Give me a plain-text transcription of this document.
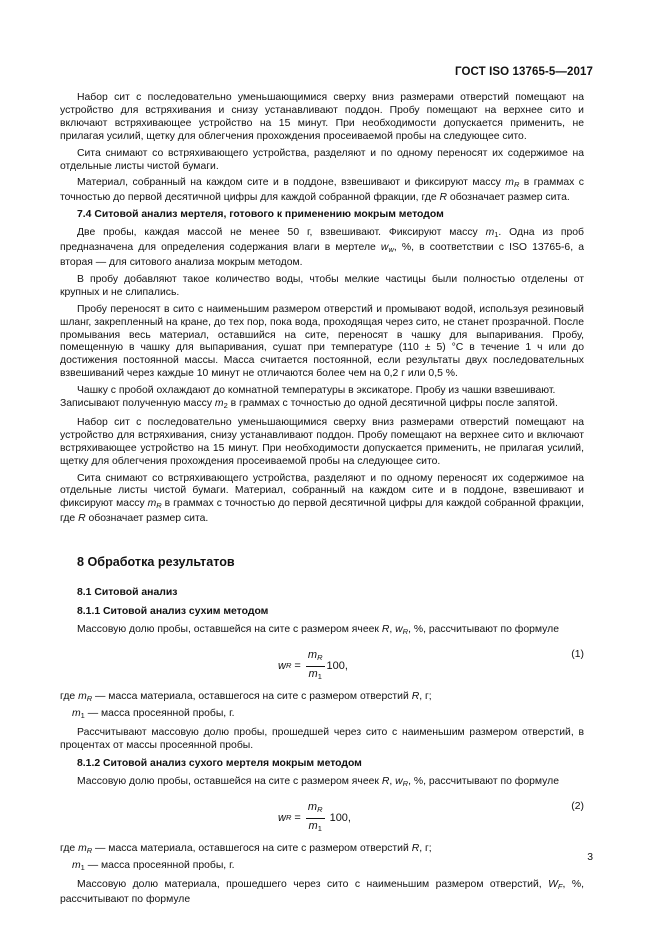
ГОСТ ISO 13765-5—2017

Набор сит с последовательно уменьшающимися сверху вниз размерами отверстий помещают на устройство для встряхивания и снизу устанавливают поддон. Пробу помещают на верхнее сито и включают встряхивающее устройство на 15 минут. При необходимости допускается применить, не прилагая усилий, щетку для облегчения прохождения просеиваемой пробы на следующее сито.

Сита снимают со встряхивающего устройства, разделяют и по одному переносят их содержимое на отдельные листы чистой бумаги.

Материал, собранный на каждом сите и в поддоне, взвешивают и фиксируют массу $m_R$ в граммах с точностью до первой десятичной цифры для каждой собранной фракции, где R обозначает размер сита.

7.4 Ситовой анализ мертеля, готового к применению мокрым методом

Две пробы, каждая массой не менее 50 г, взвешивают. Фиксируют массу $m_1$. Одна из проб предназначена для определения содержания влаги в мертеле $w_w$, %, в соответствии с ISO 13765-6, а вторая — для ситового анализа мокрым методом.

В пробу добавляют такое количество воды, чтобы мелкие частицы были полностью отделены от крупных и не слипались.

Пробу переносят в сито с наименьшим размером отверстий и промывают водой, используя резиновый шланг, закрепленный на кране, до тех пор, пока вода, проходящая через сито, не станет прозрачной. После промывания весь материал, оставшийся на сите, переносят в чашку для выпаривания. Пробу, помещенную в чашку для выпаривания, сушат при температуре (110 ± 5) °С в течение 1 ч или до достижения постоянной массы. Масса считается постоянной, если результаты двух последовательных взвешиваний через каждые 10 минут не отличаются более чем на 0,2 г или 0,5 %.

Чашку с пробой охлаждают до комнатной температуры в эксикаторе. Пробу из чашки взвешивают.

Записывают полученную массу $m_2$ в граммах с точностью до одной десятичной цифры после запятой.

Набор сит с последовательно уменьшающимися сверху вниз размерами отверстий помещают на устройство для встряхивания, снизу устанавливают поддон. Пробу помещают на верхнее сито и включают встряхивающее устройство на 15 минут. При необходимости допускается применить, не прилагая усилий, щетку для облегчения прохождения просеиваемой пробы на следующее сито.

Сита снимают со встряхивающего устройства, разделяют и по одному переносят их содержимое на отдельные листы чистой бумаги. Материал, собранный на каждом сите и в поддоне, взвешивают и фиксируют массу $m_R$ в граммах с точностью до первой десятичной цифры для каждой собранной фракции, где R обозначает размер сита.

8 Обработка результатов
8.1 Ситовой анализ
8.1.1 Ситовой анализ сухим методом

Массовую долю пробы, оставшейся на сите с размером ячеек R, $w_R$, %, рассчитывают по формуле

w $R = \frac{m_R}{m_1} 100$,
(1)
где $m_R$ — масса материала, оставшегося на сите с размером отверстий R, г;
$m_1$ — масса просеянной пробы, г.

Рассчитывают массовую долю пробы, прошедшей через сито с наименьшим размером отверстий, в процентах от массы просеянной пробы.

8.1.2 Ситовой анализ сухого мертеля мокрым методом

Массовую долю пробы, оставшейся на сите с размером ячеек R, $w_R$, %, рассчитывают по формуле

w $R = \frac{m_R}{m_1} 100$,
(2)
где $m_R$ — масса материала, оставшегося на сите с размером отверстий R, г;
$m_1$ — масса просеянной пробы, г.

Массовую долю материала, прошедшего через сито с наименьшим размером отверстий, $W_F$, %, рассчитывают по формуле

3
